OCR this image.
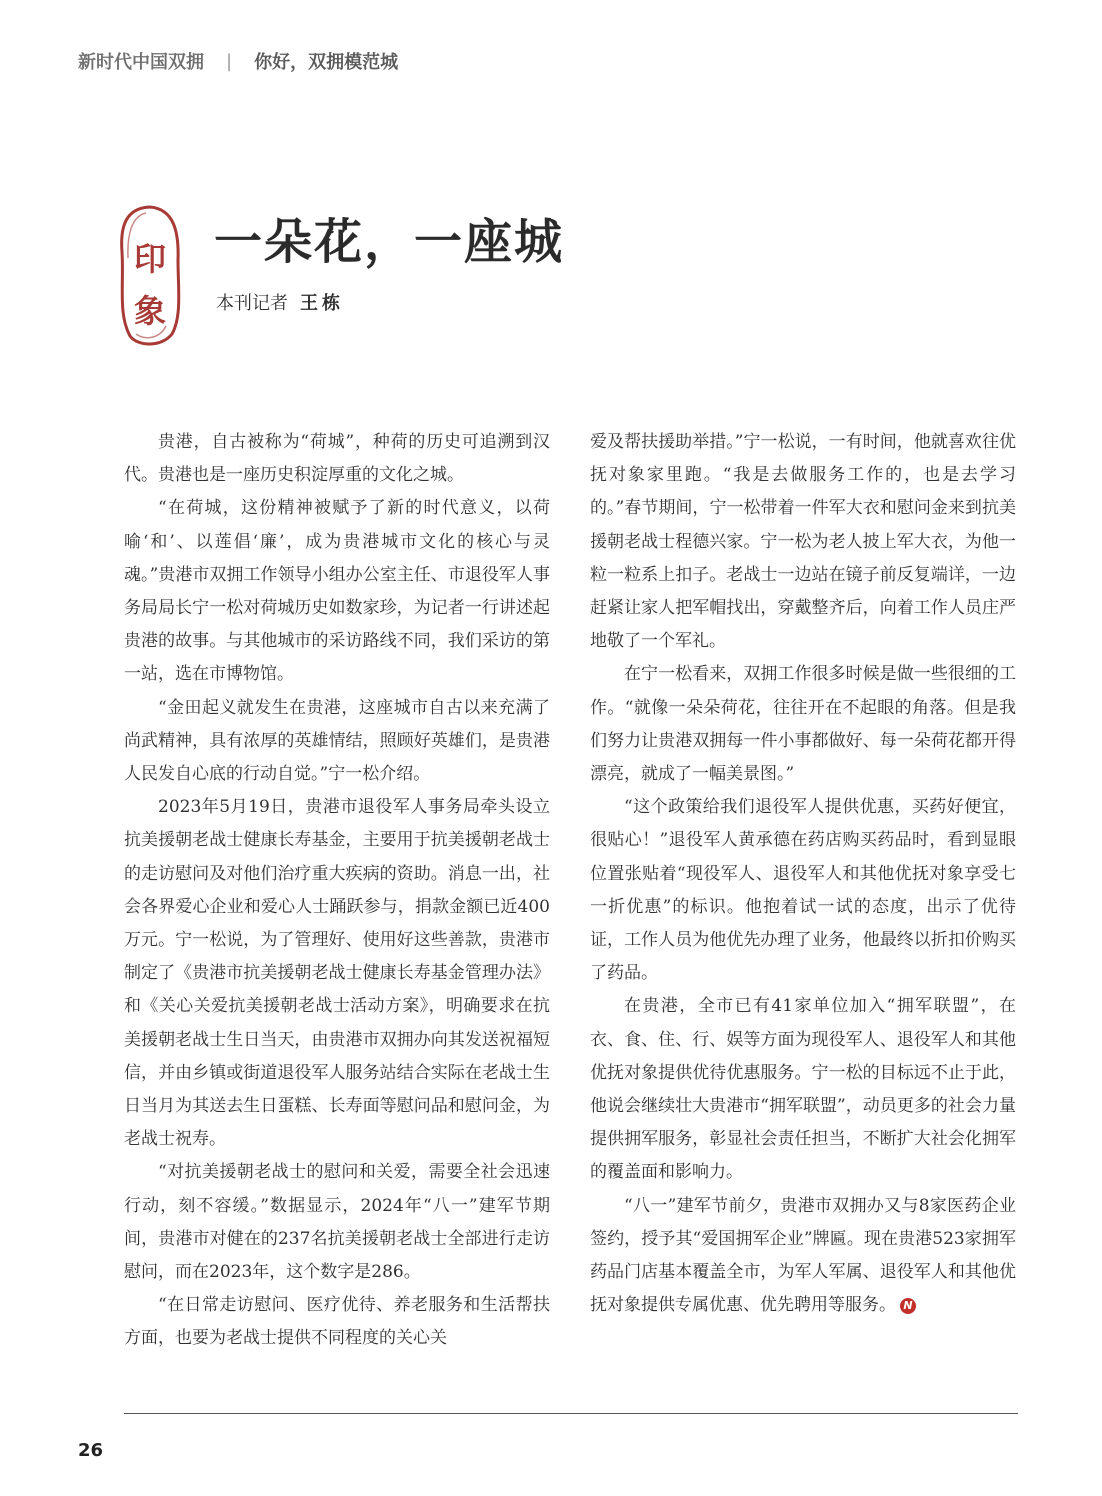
新时代中国双拥 | 你好，双拥模范城
印
象
一朵花，一座城
本刊记者 王栋

贵港，自古被称为“荷城”，种荷的历史可追溯到汉代。贵港也是一座历史积淀厚重的文化之城。

“在荷城，这份精神被赋予了新的时代意义，以荷喻‘和’、以莲倡‘廉’，成为贵港城市文化的核心与灵魂。”贵港市双拥工作领导小组办公室主任、市退役军人事务局局长宁一松对荷城历史如数家珍，为记者一行讲述起贵港的故事。与其他城市的采访路线不同，我们采访的第一站，选在市博物馆。

“金田起义就发生在贵港，这座城市自古以来充满了尚武精神，具有浓厚的英雄情结，照顾好英雄们，是贵港人民发自心底的行动自觉。”宁一松介绍。

2023年5月19日，贵港市退役军人事务局牵头设立抗美援朝老战士健康长寿基金，主要用于抗美援朝老战士的走访慰问及对他们治疗重大疾病的资助。消息一出，社会各界爱心企业和爱心人士踊跃参与，捐款金额已近400万元。宁一松说，为了管理好、使用好这些善款，贵港市制定了《贵港市抗美援朝老战士健康长寿基金管理办法》和《关心关爱抗美援朝老战士活动方案》，明确要求在抗美援朝老战士生日当天，由贵港市双拥办向其发送祝福短信，并由乡镇或街道退役军人服务站结合实际在老战士生日当月为其送去生日蛋糕、长寿面等慰问品和慰问金，为老战士祝寿。

“对抗美援朝老战士的慰问和关爱，需要全社会迅速行动，刻不容缓。”数据显示，2024年“八一”建军节期间，贵港市对健在的237名抗美援朝老战士全部进行走访慰问，而在2023年，这个数字是286。

“在日常走访慰问、医疗优待、养老服务和生活帮扶方面，也要为老战士提供不同程度的关心关

爱及帮扶援助举措。”宁一松说，一有时间，他就喜欢往优抚对象家里跑。“我是去做服务工作的，也是去学习的。”春节期间，宁一松带着一件军大衣和慰问金来到抗美援朝老战士程德兴家。宁一松为老人披上军大衣，为他一粒一粒系上扣子。老战士一边站在镜子前反复端详，一边赶紧让家人把军帽找出，穿戴整齐后，向着工作人员庄严地敬了一个军礼。

在宁一松看来，双拥工作很多时候是做一些很细的工作。“就像一朵朵荷花，往往开在不起眼的角落。但是我们努力让贵港双拥每一件小事都做好、每一朵荷花都开得漂亮，就成了一幅美景图。”

“这个政策给我们退役军人提供优惠，买药好便宜，很贴心！”退役军人黄承德在药店购买药品时，看到显眼位置张贴着“现役军人、退役军人和其他优抚对象享受七一折优惠”的标识。他抱着试一试的态度，出示了优待证，工作人员为他优先办理了业务，他最终以折扣价购买了药品。

在贵港，全市已有41家单位加入“拥军联盟”，在衣、食、住、行、娱等方面为现役军人、退役军人和其他优抚对象提供优待优惠服务。宁一松的目标远不止于此，他说会继续壮大贵港市“拥军联盟”，动员更多的社会力量提供拥军服务，彰显社会责任担当，不断扩大社会化拥军的覆盖面和影响力。

“八一”建军节前夕，贵港市双拥办又与8家医药企业签约，授予其“爱国拥军企业”牌匾。现在贵港523家拥军药品门店基本覆盖全市，为军人军属、退役军人和其他优抚对象提供专属优惠、优先聘用等服务。 N

26
